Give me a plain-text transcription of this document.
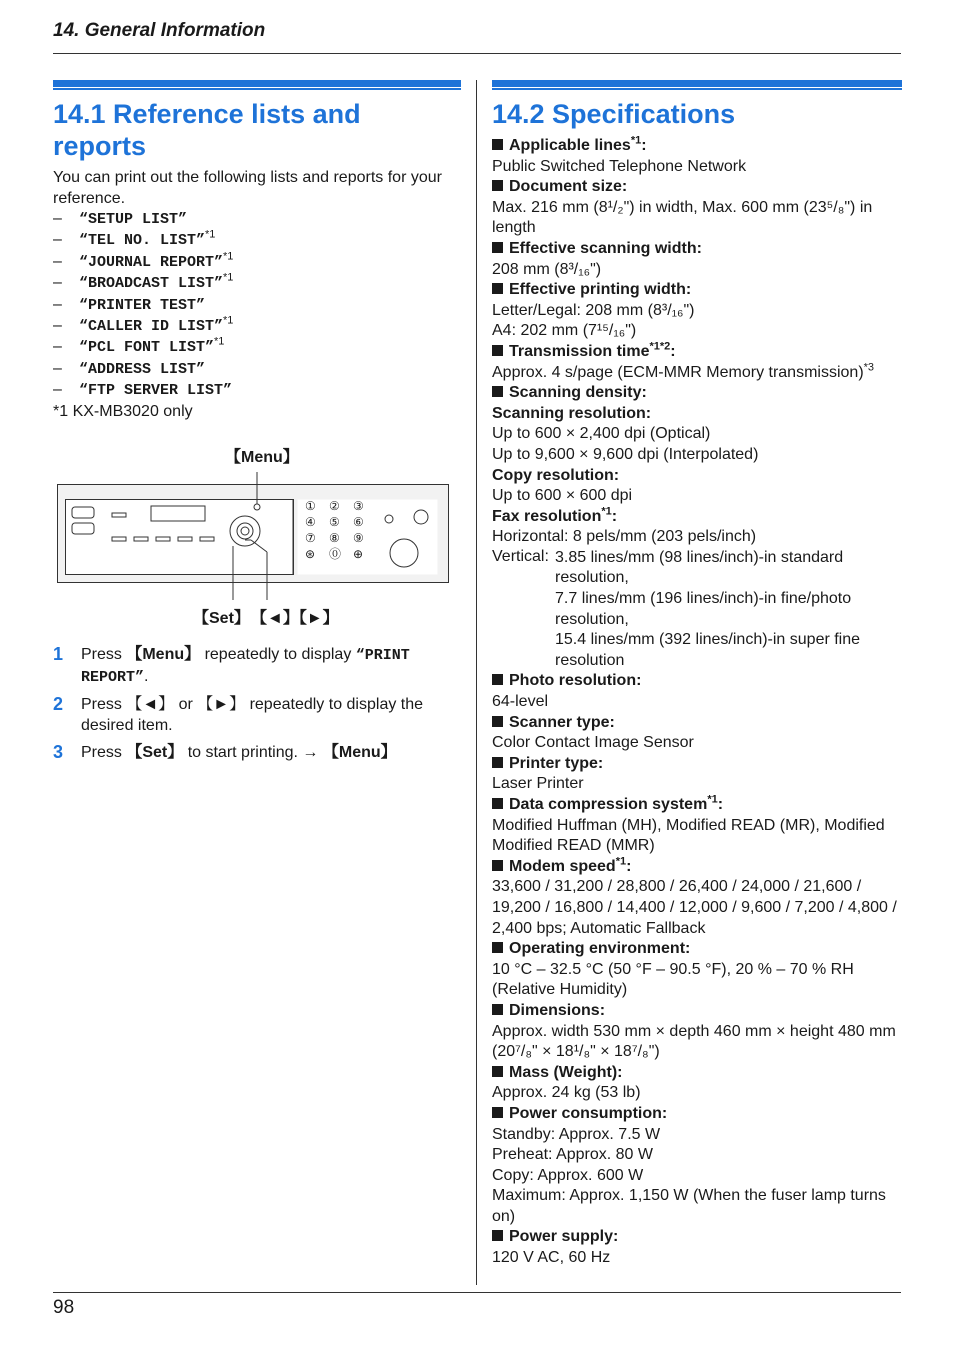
14. General Information
14.1 Reference lists and reports

You can print out the following lists and reports for your reference.

– “SETUP LIST”
– “TEL NO. LIST”$^{*1}$
– “JOURNAL REPORT”$^{*1}$
– “BROADCAST LIST”$^{*1}$
– “PRINTER TEST”
– “CALLER ID LIST”$^{*1}$
– “PCL FONT LIST”$^{*1}$
– “ADDRESS LIST”
– “FTP SERVER LIST”

*1 KX-MB3020 only

【Menu】
①	②	③
④	⑤	⑥
⑦	⑧	⑨
⊛	⓪ ⊕
【Set】 【◄】【►】
1	Press 【Menu】 repeatedly to display “PRINT REPORT”.
2	Press 【◄】 or 【►】 repeatedly to display the desired item.
3	Press 【Set】 to start printing. → 【Menu】
14.2 Specifications
Applicable lines$^{*1}$:
Public Switched Telephone Network
Document size:
Max. 216 mm (8¹/₂") in width, Max. 600 mm (23⁵/₈") in length
Effective scanning width:
208 mm (8³/₁₆")
Effective printing width:
Letter/Legal: 208 mm (8³/₁₆")
A4: 202 mm (7¹⁵/₁₆")
Transmission time$^{*1*2}$:
Approx. 4 s/page (ECM-MMR Memory transmission)$^{*3}$
Scanning density:
Scanning resolution:
Up to 600 × 2,400 dpi (Optical)
Up to 9,600 × 9,600 dpi (Interpolated)
Copy resolution:
Up to 600 × 600 dpi
Fax resolution$^{*1}$:
Horizontal: 8 pels/mm (203 pels/inch)
Vertical: 3.85 lines/mm (98 lines/inch)-in standard resolution,
7.7 lines/mm (196 lines/inch)-in fine/photo resolution,
15.4 lines/mm (392 lines/inch)-in super fine resolution
Photo resolution:
64-level
Scanner type:
Color Contact Image Sensor
Printer type:
Laser Printer
Data compression system$^{*1}$:
Modified Huffman (MH), Modified READ (MR), Modified Modified READ (MMR)
Modem speed$^{*1}$:
33,600 / 31,200 / 28,800 / 26,400 / 24,000 / 21,600 / 19,200 / 16,800 / 14,400 / 12,000 / 9,600 / 7,200 / 4,800 / 2,400 bps; Automatic Fallback
Operating environment:
10 °C – 32.5 °C (50 °F – 90.5 °F), 20 % – 70 % RH (Relative Humidity)
Dimensions:
Approx. width 530 mm × depth 460 mm × height 480 mm (20⁷/₈" × 18¹/₈" × 18⁷/₈")
Mass (Weight):
Approx. 24 kg (53 lb)
Power consumption:
Standby: Approx. 7.5 W
Preheat: Approx. 80 W
Copy: Approx. 600 W
Maximum: Approx. 1,150 W (When the fuser lamp turns on)
Power supply:
120 V AC, 60 Hz
98
